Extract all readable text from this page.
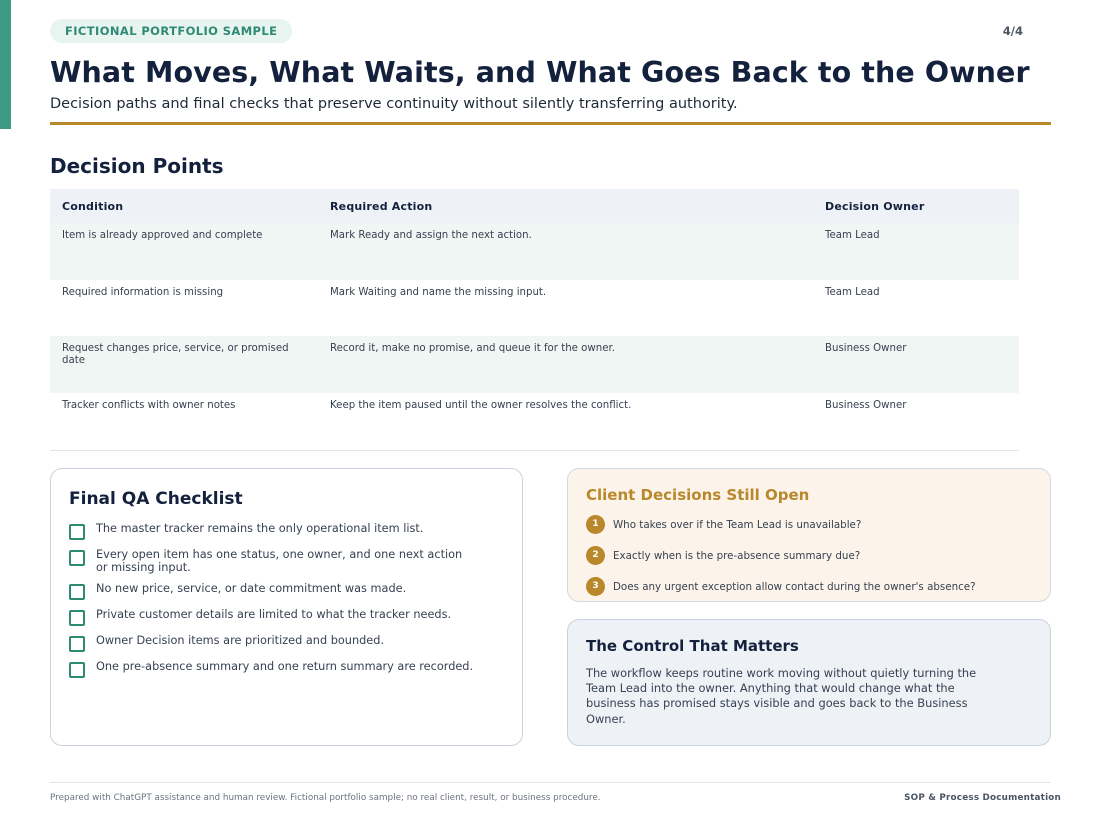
FICTIONAL PORTFOLIO SAMPLE	4/4
What Moves, What Waits, and What Goes Back to the Owner

Decision paths and final checks that preserve continuity without silently transferring authority.

Decision Points
Condition	Required Action	Decision Owner
Item is already approved and complete	Mark Ready and assign the next action.	Team Lead
Required information is missing	Mark Waiting and name the missing input.	Team Lead
Request changes price, service, or promised date	Record it, make no promise, and queue it for the owner.	Business Owner
Tracker conflicts with owner notes	Keep the item paused until the owner resolves the conflict.	Business Owner
Final QA Checklist
The master tracker remains the only operational item list.
Every open item has one status, one owner, and one next action or missing input.
No new price, service, or date commitment was made.
Private customer details are limited to what the tracker needs.
Owner Decision items are prioritized and bounded.
One pre-absence summary and one return summary are recorded.
Client Decisions Still Open
1	Who takes over if the Team Lead is unavailable?
2	Exactly when is the pre-absence summary due?
3	Does any urgent exception allow contact during the owner's absence?
The Control That Matters

The workflow keeps routine work moving without quietly turning the Team Lead into the owner. Anything that would change what the business has promised stays visible and goes back to the Business Owner.

Prepared with ChatGPT assistance and human review. Fictional portfolio sample; no real client, result, or business procedure.	SOP & Process Documentation
